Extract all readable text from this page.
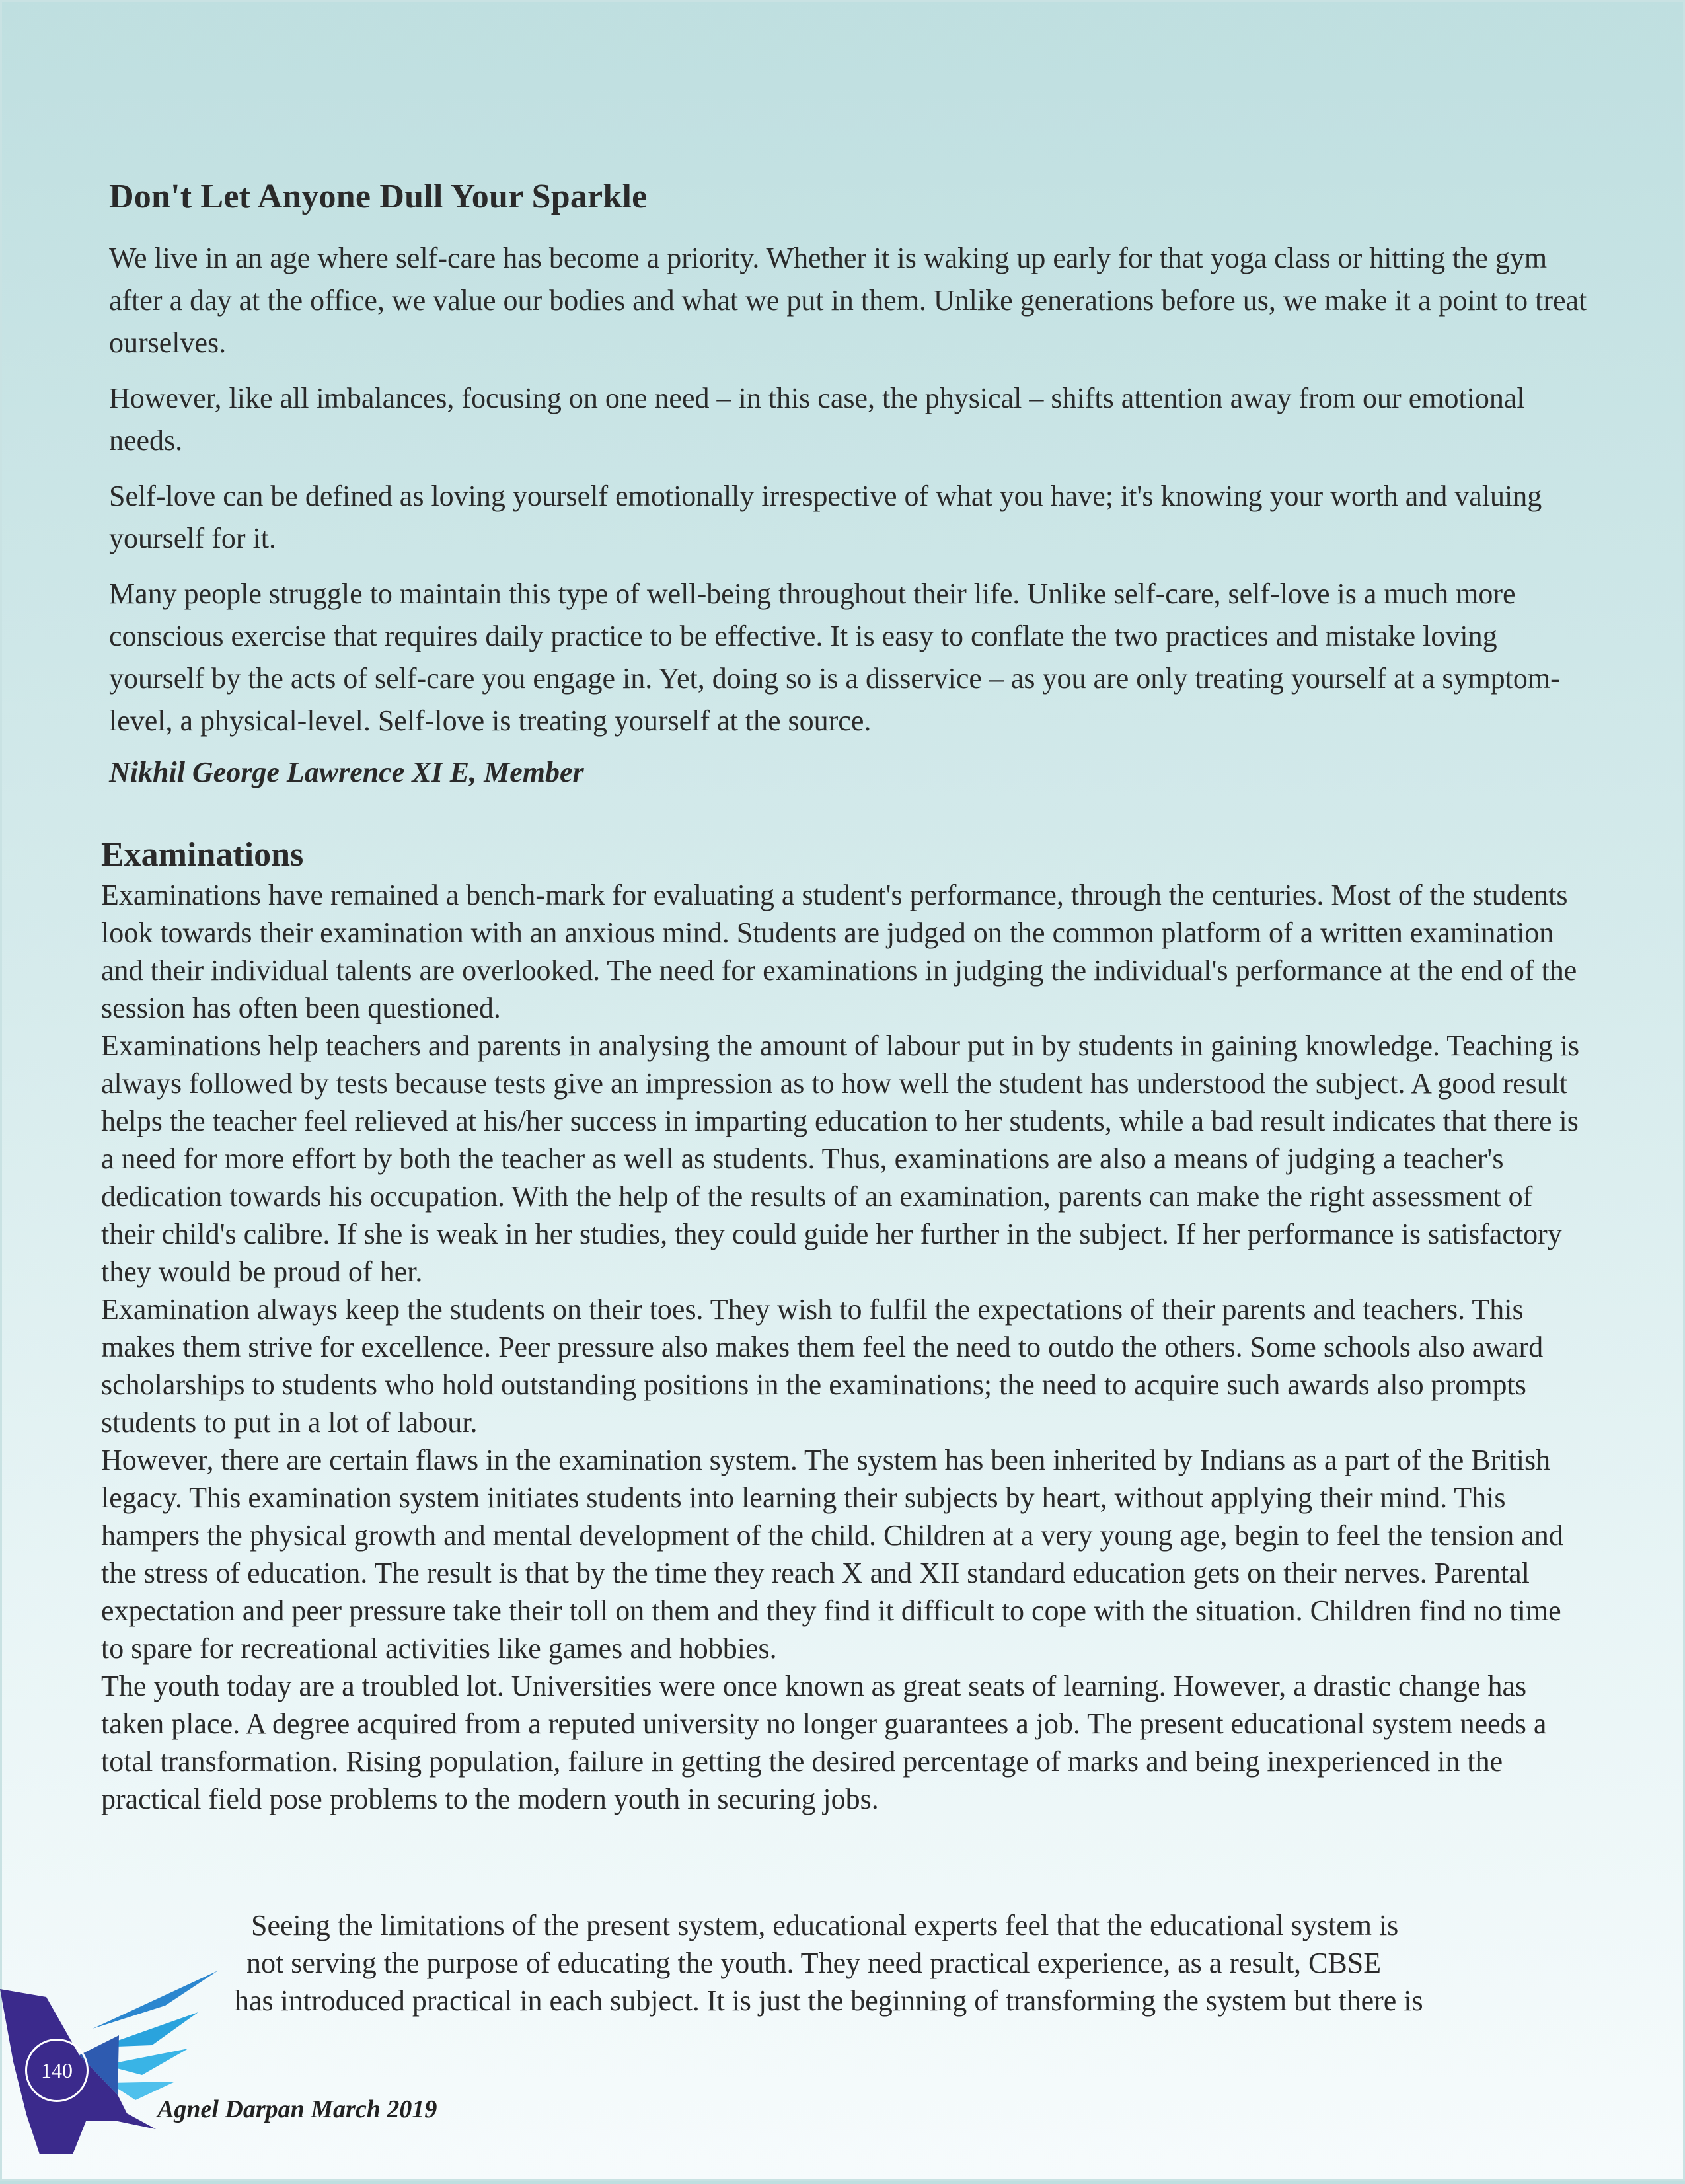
Don't Let Anyone Dull Your Sparkle

We live in an age where self-care has become a priority. Whether it is waking up early for that yoga class or hitting the gym after a day at the office, we value our bodies and what we put in them. Unlike generations before us, we make it a point to treat ourselves.

However, like all imbalances, focusing on one need – in this case, the physical – shifts attention away from our emotional needs.

Self-love can be defined as loving yourself emotionally irrespective of what you have; it's knowing your worth and valuing yourself for it.

Many people struggle to maintain this type of well-being throughout their life. Unlike self-care, self-love is a much more conscious exercise that requires daily practice to be effective. It is easy to conflate the two practices and mistake loving yourself by the acts of self-care you engage in. Yet, doing so is a disservice – as you are only treating yourself at a symptom-level, a physical-level. Self-love is treating yourself at the source.

Nikhil George Lawrence XI E, Member
Examinations

Examinations have remained a bench-mark for evaluating a student's performance, through the centuries. Most of the students look towards their examination with an anxious mind. Students are judged on the common platform of a written examination and their individual talents are overlooked. The need for examinations in judging the individual's performance at the end of the session has often been questioned.

Examinations help teachers and parents in analysing the amount of labour put in by students in gaining knowledge. Teaching is always followed by tests because tests give an impression as to how well the student has understood the subject. A good result helps the teacher feel relieved at his/her success in imparting education to her students, while a bad result indicates that there is a need for more effort by both the teacher as well as students. Thus, examinations are also a means of judging a teacher's dedication towards his occupation. With the help of the results of an examination, parents can make the right assessment of their child's calibre. If she is weak in her studies, they could guide her further in the subject. If her performance is satisfactory they would be proud of her.

Examination always keep the students on their toes. They wish to fulfil the expectations of their parents and teachers. This makes them strive for excellence. Peer pressure also makes them feel the need to outdo the others. Some schools also award scholarships to students who hold outstanding positions in the examinations; the need to acquire such awards also prompts students to put in a lot of labour.

However, there are certain flaws in the examination system. The system has been inherited by Indians as a part of the British legacy. This examination system initiates students into learning their subjects by heart, without applying their mind. This hampers the physical growth and mental development of the child. Children at a very young age, begin to feel the tension and the stress of education. The result is that by the time they reach X and XII standard education gets on their nerves. Parental expectation and peer pressure take their toll on them and they find it difficult to cope with the situation. Children find no time to spare for recreational activities like games and hobbies.

The youth today are a troubled lot. Universities were once known as great seats of learning. However, a drastic change has taken place. A degree acquired from a reputed university no longer guarantees a job. The present educational system needs a total transformation. Rising population, failure in getting the desired percentage of marks and being inexperienced in the practical field pose problems to the modern youth in securing jobs.

Seeing the limitations of the present system, educational experts feel that the educational system is
not serving the purpose of educating the youth. They need practical experience, as a result, CBSE
has introduced practical in each subject. It is just the beginning of transforming the system but there is
140
Agnel Darpan March 2019
